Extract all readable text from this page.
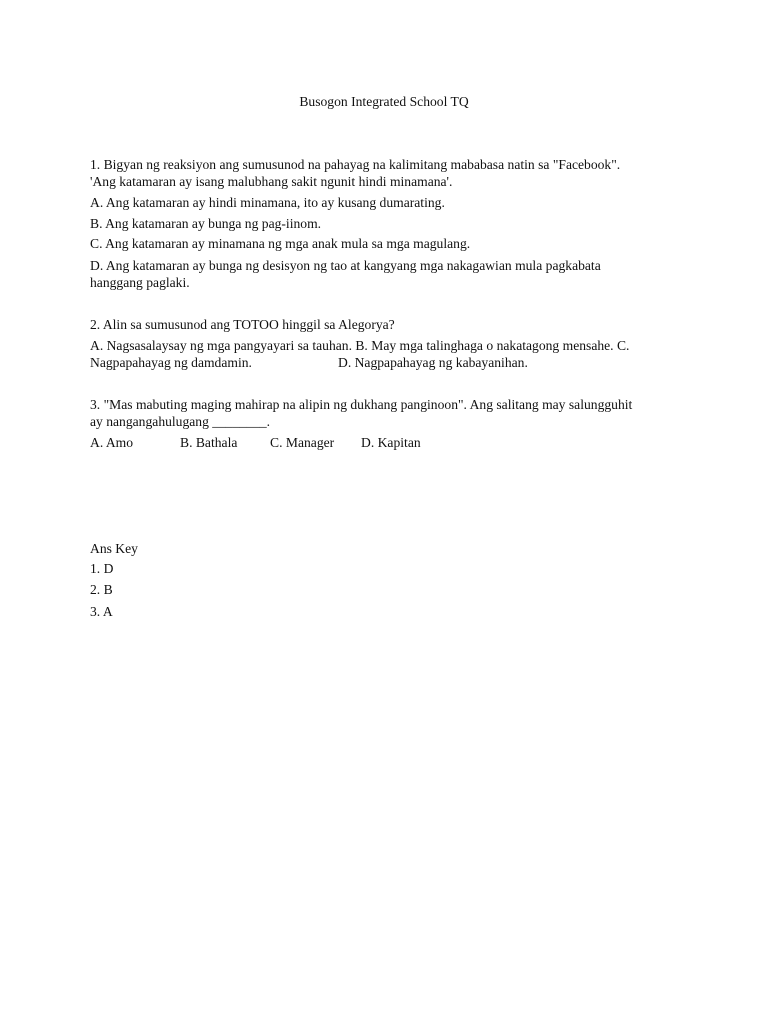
Busogon Integrated School TQ
1. Bigyan ng reaksiyon ang sumusunod na pahayag na kalimitang mababasa natin sa "Facebook".
'Ang katamaran ay isang malubhang sakit ngunit hindi minamana'.
A. Ang katamaran ay hindi minamana, ito ay kusang dumarating.
B. Ang katamaran ay bunga ng pag-iinom.
C. Ang katamaran ay minamana ng mga anak mula sa mga magulang.
D. Ang katamaran ay bunga ng desisyon ng tao at kangyang mga nakagawian mula pagkabata hanggang paglaki.
2. Alin sa sumusunod ang TOTOO hinggil sa Alegorya?
A. Nagsasalaysay ng mga pangyayari sa tauhan. B. May mga talinghaga o nakatagong mensahe. C.
Nagpapahayag ng damdamin.	D. Nagpapahayag ng kabayanihan.
3. "Mas mabuting maging mahirap na alipin ng dukhang panginoon". Ang salitang may salungguhit
ay nangangahulugang ________.
A. Amo	B. Bathala	C. Manager	D. Kapitan
Ans Key
1. D
2. B
3. A
